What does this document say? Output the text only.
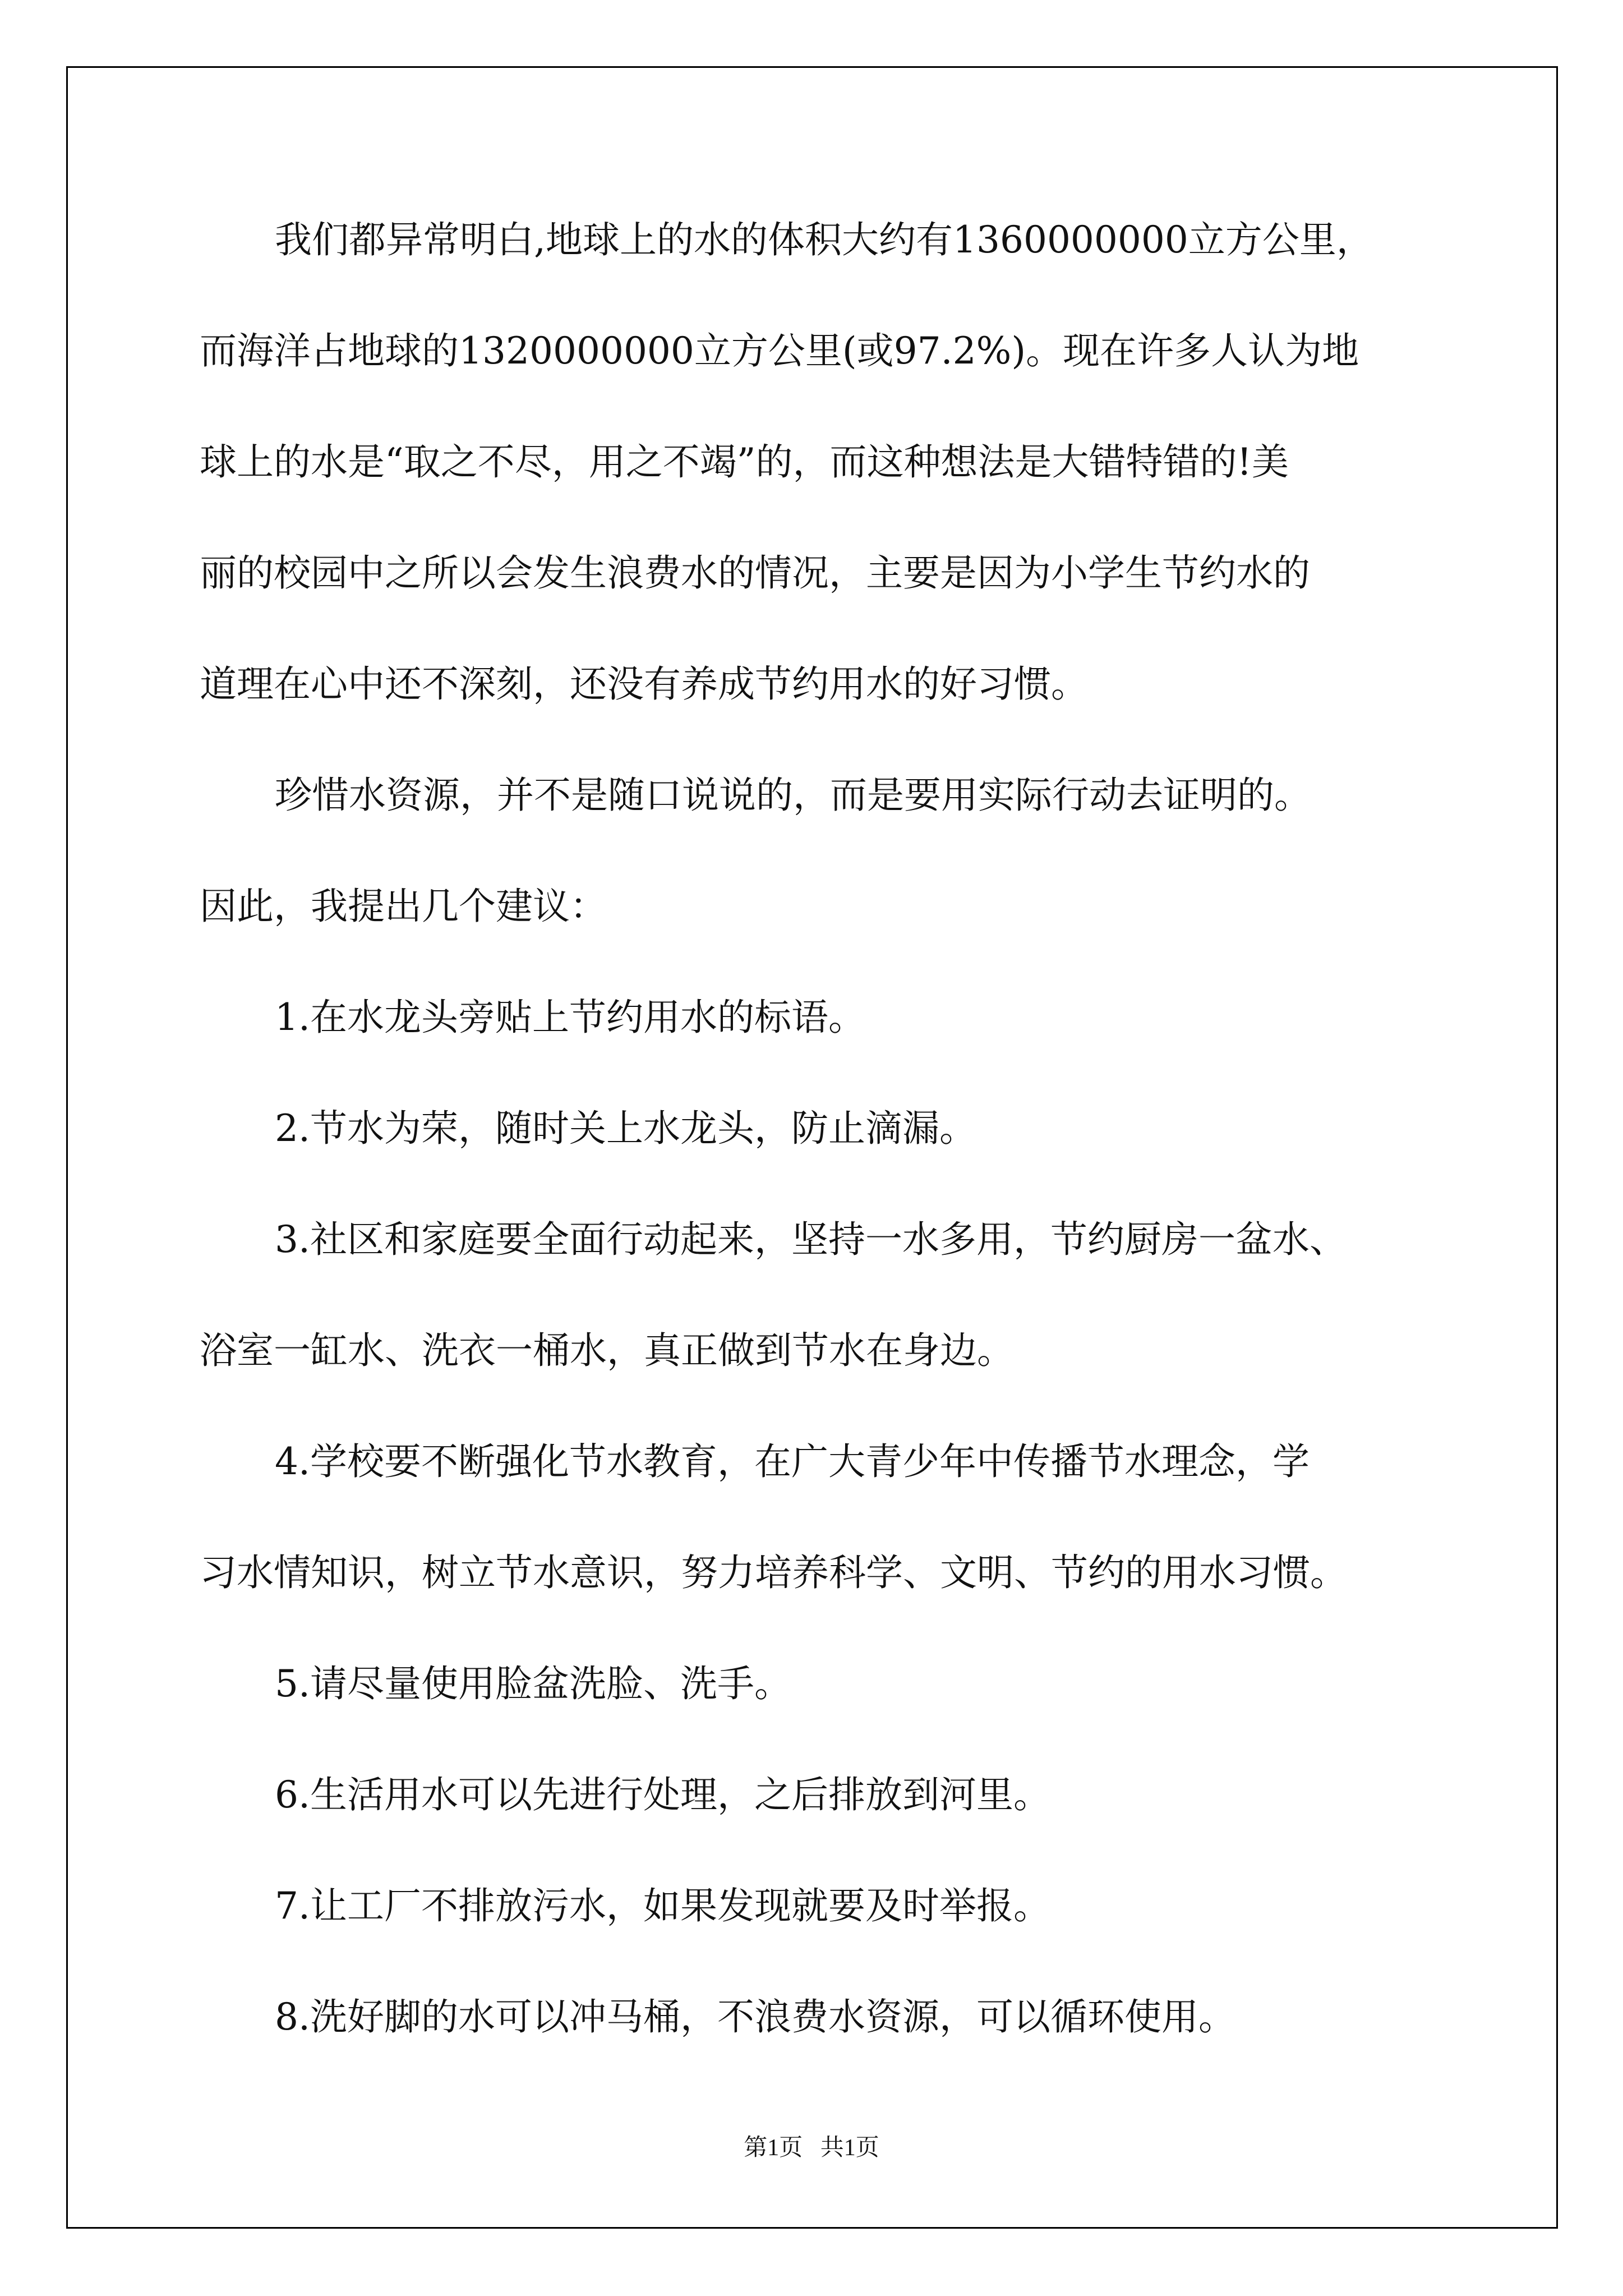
我们都异常明白,地球上的水的体积大约有1360000000立方公里，
而海洋占地球的1320000000立方公里(或97.2%)。现在许多人认为地
球上的水是“取之不尽，用之不竭”的，而这种想法是大错特错的!美
丽的校园中之所以会发生浪费水的情况，主要是因为小学生节约水的
道理在心中还不深刻，还没有养成节约用水的好习惯。
珍惜水资源，并不是随口说说的，而是要用实际行动去证明的。
因此，我提出几个建议：
1.在水龙头旁贴上节约用水的标语。
2.节水为荣，随时关上水龙头，防止滴漏。
3.社区和家庭要全面行动起来，坚持一水多用，节约厨房一盆水、
浴室一缸水、洗衣一桶水，真正做到节水在身边。
4.学校要不断强化节水教育，在广大青少年中传播节水理念，学
习水情知识，树立节水意识，努力培养科学、文明、节约的用水习惯。
5.请尽量使用脸盆洗脸、洗手。
6.生活用水可以先进行处理，之后排放到河里。
7.让工厂不排放污水，如果发现就要及时举报。
8.洗好脚的水可以冲马桶，不浪费水资源，可以循环使用。
第1页   共1页
